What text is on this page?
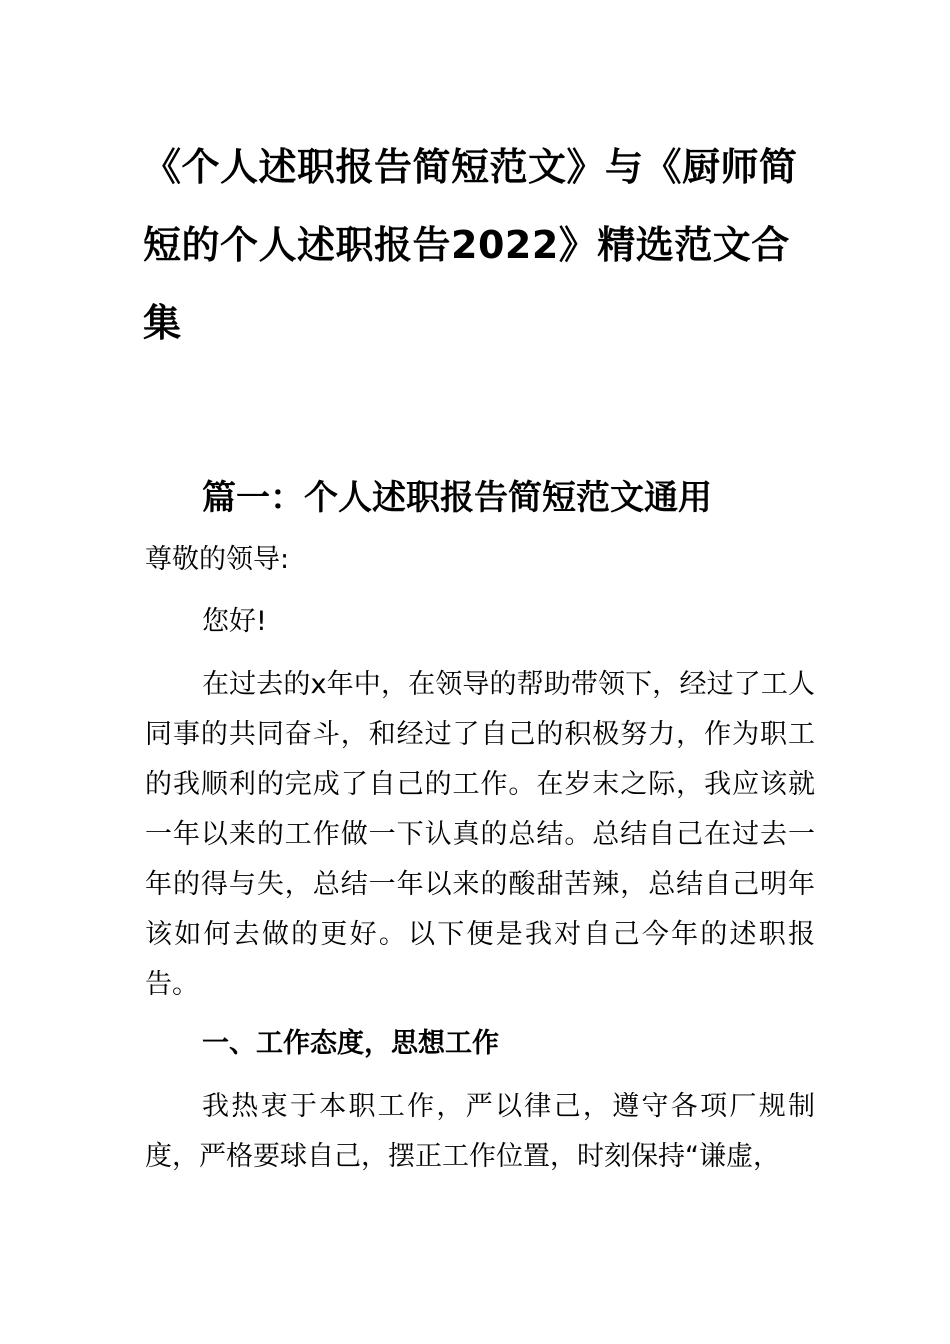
《个人述职报告简短范文》与《厨师简短的个人述职报告2022》精选范文合集
篇一：个人述职报告简短范文通用

尊敬的领导:

您好!

在过去的x年中，在领导的帮助带领下，经过了工人同事的共同奋斗，和经过了自己的积极努力，作为职工的我顺利的完成了自己的工作。在岁末之际，我应该就一年以来的工作做一下认真的总结。总结自己在过去一年的得与失，总结一年以来的酸甜苦辣，总结自己明年该如何去做的更好。以下便是我对自己今年的述职报告。

一、工作态度，思想工作

我热衷于本职工作，严以律己，遵守各项厂规制度，严格要球自己，摆正工作位置，时刻保持“谦虚，
